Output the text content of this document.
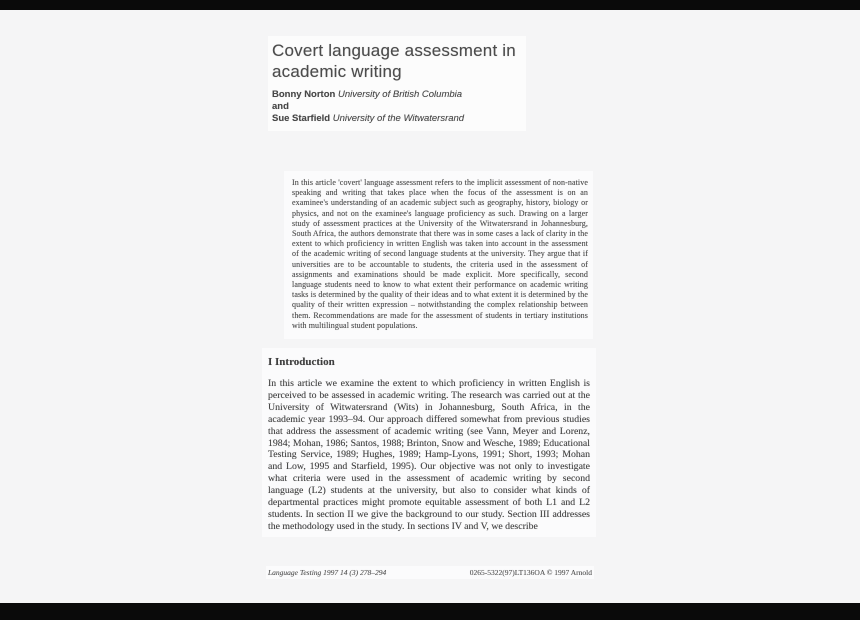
Covert language assessment in academic writing
Bonny Norton University of British Columbia
and
Sue Starfield University of the Witwatersrand
In this article 'covert' language assessment refers to the implicit assessment of non-native speaking and writing that takes place when the focus of the assessment is on an examinee's understanding of an academic subject such as geography, history, biology or physics, and not on the examinee's language proficiency as such. Drawing on a larger study of assessment practices at the University of the Witwatersrand in Johannesburg, South Africa, the authors demonstrate that there was in some cases a lack of clarity in the extent to which proficiency in written English was taken into account in the assessment of the academic writing of second language students at the university. They argue that if universities are to be accountable to students, the criteria used in the assessment of assignments and examinations should be made explicit. More specifically, second language students need to know to what extent their performance on academic writing tasks is determined by the quality of their ideas and to what extent it is determined by the quality of their written expression – notwithstanding the complex relationship between them. Recommendations are made for the assessment of students in tertiary institutions with multilingual student populations.
I Introduction
In this article we examine the extent to which proficiency in written English is perceived to be assessed in academic writing. The research was carried out at the University of Witwatersrand (Wits) in Johannesburg, South Africa, in the academic year 1993–94. Our approach differed somewhat from previous studies that address the assessment of academic writing (see Vann, Meyer and Lorenz, 1984; Mohan, 1986; Santos, 1988; Brinton, Snow and Wesche, 1989; Educational Testing Service, 1989; Hughes, 1989; Hamp-Lyons, 1991; Short, 1993; Mohan and Low, 1995 and Starfield, 1995). Our objective was not only to investigate what criteria were used in the assessment of academic writing by second language (L2) students at the university, but also to consider what kinds of departmental practices might promote equitable assessment of both L1 and L2 students. In section II we give the background to our study. Section III addresses the methodology used in the study. In sections IV and V, we describe
Language Testing 1997 14 (3) 278–294	0265-5322(97)LT136OA © 1997 Arnold
